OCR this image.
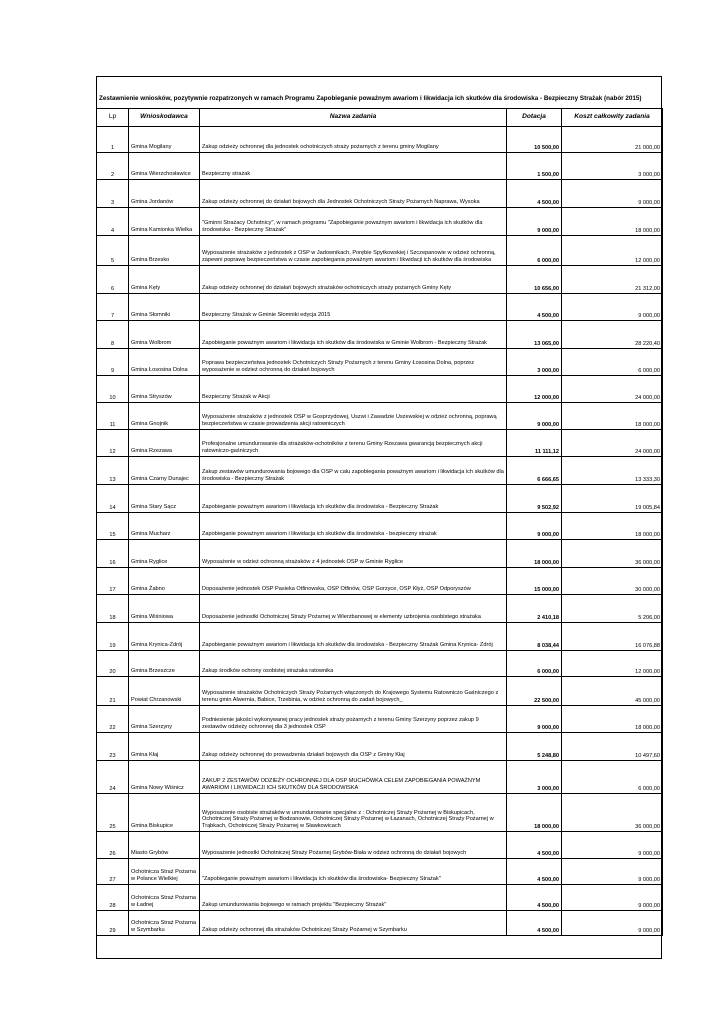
Zestawnienie wniosków, pozytywnie rozpatrzonych w ramach Programu Zapobieganie poważnym awariom i likwidacja ich skutków dla środowiska - Bezpieczny Strażak (nabór 2015)
Lp	Wnioskodawca	Nazwa zadania	Dotacja	Koszt całkowity zadania
1	Gmina Mogilany	Zakup odzieży ochronnej dla jednostek ochotniczych straży pożarnych z terenu gminy Mogilany	10 500,00	21 000,00
2	Gmina Wierzchosławice	Bezpieczny strażak	1 500,00	3 000,00
3	Gmina Jordanów	Zakup odzieży ochronnej do działań bojowych dla Jednostek Ochotniczych Straży Pożarnych Naprawa, Wysoka	4 500,00	9 000,00
4	Gmina Kamionka Wielka	"Gminni Strażacy Ochotnicy", w ramach programu "Zapobieganie poważnym awariom i likwidacja ich skutków dla środowiska - Bezpieczny Strażak"	9 000,00	18 000,00
5	Gmina Brzesko	Wyposażenie strażaków z jednostek z OSP w Jadownikach, Porębie Spytkowskiej i Szczepanowie w odzież ochronną, zapewni poprawę bezpieczeństwa w czasie zapobiegania poważnym awariom i likwidacji ich skutków dla środowiska	6 000,00	12 000,00
6	Gmina Kęty	Zakup odzieży ochronnej do działań bojowych strażaków ochotniczych straży pożarnych Gminy Kęty	10 656,00	21 312,00
7	Gmina Słomniki	Bezpieczny Strażak w Gminie Słomniki edycja 2015	4 500,00	9 000,00
8	Gmina Wolbrom	Zapobieganie poważnym awariom i likwidacja ich skutków dla środowiska w Gminie Wolbrom - Bezpieczny Strażak	13 065,00	28 220,40
9	Gmina Łososina Dolna	Poprawa bezpieczeństwa jednostek Ochotniczych Straży Pożarnych z terenu Gminy Łososina Dolna, poprzez wyposażenie w odzież ochronną do działań bojowych	3 000,00	6 000,00
10	Gmina Stryszów	Bezpieczny Strażak w Akcji	12 000,00	24 000,00
11	Gmina Gnojnik	Wyposażenie strażaków z jednostek OSP w Gosprzydowej, Uszwi i Zawadzie Uszewskiej w odzież ochronną, poprawą bezpieczeństwa w czasie prowadzenia akcji ratowniczych	9 000,00	18 000,00
12	Gmina Rzezawa	Profesjonalne umundurowanie dla strażaków-ochotników z terenu Gminy Rzezawa gwarancją bezpiecznych akcji ratowniczo-gaśniczych	11 111,12	24 000,00
13	Gmina Czarny Dunajec	Zakup zestawów umundurowania bojowego dla OSP w calu zapobiegania poważnym awariom i likwidacja ich skutków dla środowiska - Bezpieczny Strażak	6 666,65	13 333,30
14	Gmina Stary Sącz	Zapobieganie poważnym awariom i likwidacja ich skutków dla środowiska - Bezpieczny Strażak	9 502,92	19 005,84
15	Gmina Mucharz	Zapobieganie poważnym awariom i likwidacja ich skutków dla środowiska - bezpieczny strażak	9 000,00	18 000,00
16	Gmina Ryglice	Wyposażenie w odzież ochronną strażaków z 4 jednostek OSP w Gminie Ryglice	18 000,00	36 000,00
17	Gmina Żabno	Doposażenie jednostek OSP Pasieka Otfinowska, OSP Otfinów, OSP Gorzyce, OSP Kłyż, OSP Odporyszów	15 000,00	30 000,00
18	Gmina Wiśniowa	Doposażenie jednostki Ochotniczej Straży Pożarnej w Wierzbanowej w elementy uzbrojenia osobistego strażaka	2 410,18	5 206,00
19	Gmina Krynica-Zdrój	Zapobieganie poważnym awariom i likwidacja ich skutków dla środowiska - Bezpieczny Strażak Gmina Krynica- Zdrój	8 038,44	16 076,88
20	Gmina Brzeszcze	Zakup środków ochrony osobistej strażaka ratownika	6 000,00	12 000,00
21	Powiat Chrzanowski	Wyposażenie strażaków Ochotniczych Straży Pożarnych włączonych do Krajowego Systemu Ratowniczo Gaśniczego z terenu gmin Alwernia, Babice, Trzebinia, w odzież ochronną do zadań bojowych_	22 500,00	45 000,00
22	Gmina Szerzyny	Podniesienie jakości wykonywanej pracy jednostek straży pożarnych z terenu Gminy Szerzyny poprzez zakup 9 zestawów odzieży ochronnej dla 3 jednostek OSP	9 000,00	18 000,00
23	Gmina Kłaj	Zakup odzieży ochronnej do prowadzenia działań bojowych dla OSP z Gminy Kłaj	5 248,80	10 497,60
24	Gmina Nowy Wiśnicz	ZAKUP 2 ZESTAWÓW ODZIEŻY OCHRONNEJ DLA OSP MUCHÓWKA CELEM ZAPOBIEGANIA POWAŻNYM AWARIOM I LIKWIDACJI ICH SKUTKÓW DLA ŚRODOWISKA	3 000,00	6 000,00
25	Gmina Biskupice	Wyposażenie osobiste strażaków w umundurowanie specjalne z : Ochotniczej Straży Pożarnej w Biskupicach, Ochotniczej Straży Pożarnej w Bodzanowie, Ochotniczej Straży Pożarnej w Łazanach, Ochotniczej Straży Pożarnej w Trąbkach, Ochotniczej Straży Pożarnej w Sławkowicach	18 000,00	36 000,00
26	Miasto Grybów	Wyposażenie jednostki Ochotniczej Straży Pożarnej Grybów-Biała w odzież ochronną do działań bojowych	4 500,00	9 000,00
27	Ochotnicza Straż Pożarna w Polance Wielkiej	"Zapobieganie poważnym awariom i likwidacja ich skutków dla środowiska- Bezpieczny Strażak"	4 500,00	9 000,00
28	Ochotnicza Straż Pożarna w Ładnej	Zakup umundurowania bojowego w ramach projektu "Bezpieczny Strażak"	4 500,00	9 000,00
29	Ochotnicza Straż Pożarna w Szymbarku	Zakup odzieży ochronnej dla strażaków Ochotniczej Straży Pożarnej w Szymbarku	4 500,00	9 000,00
